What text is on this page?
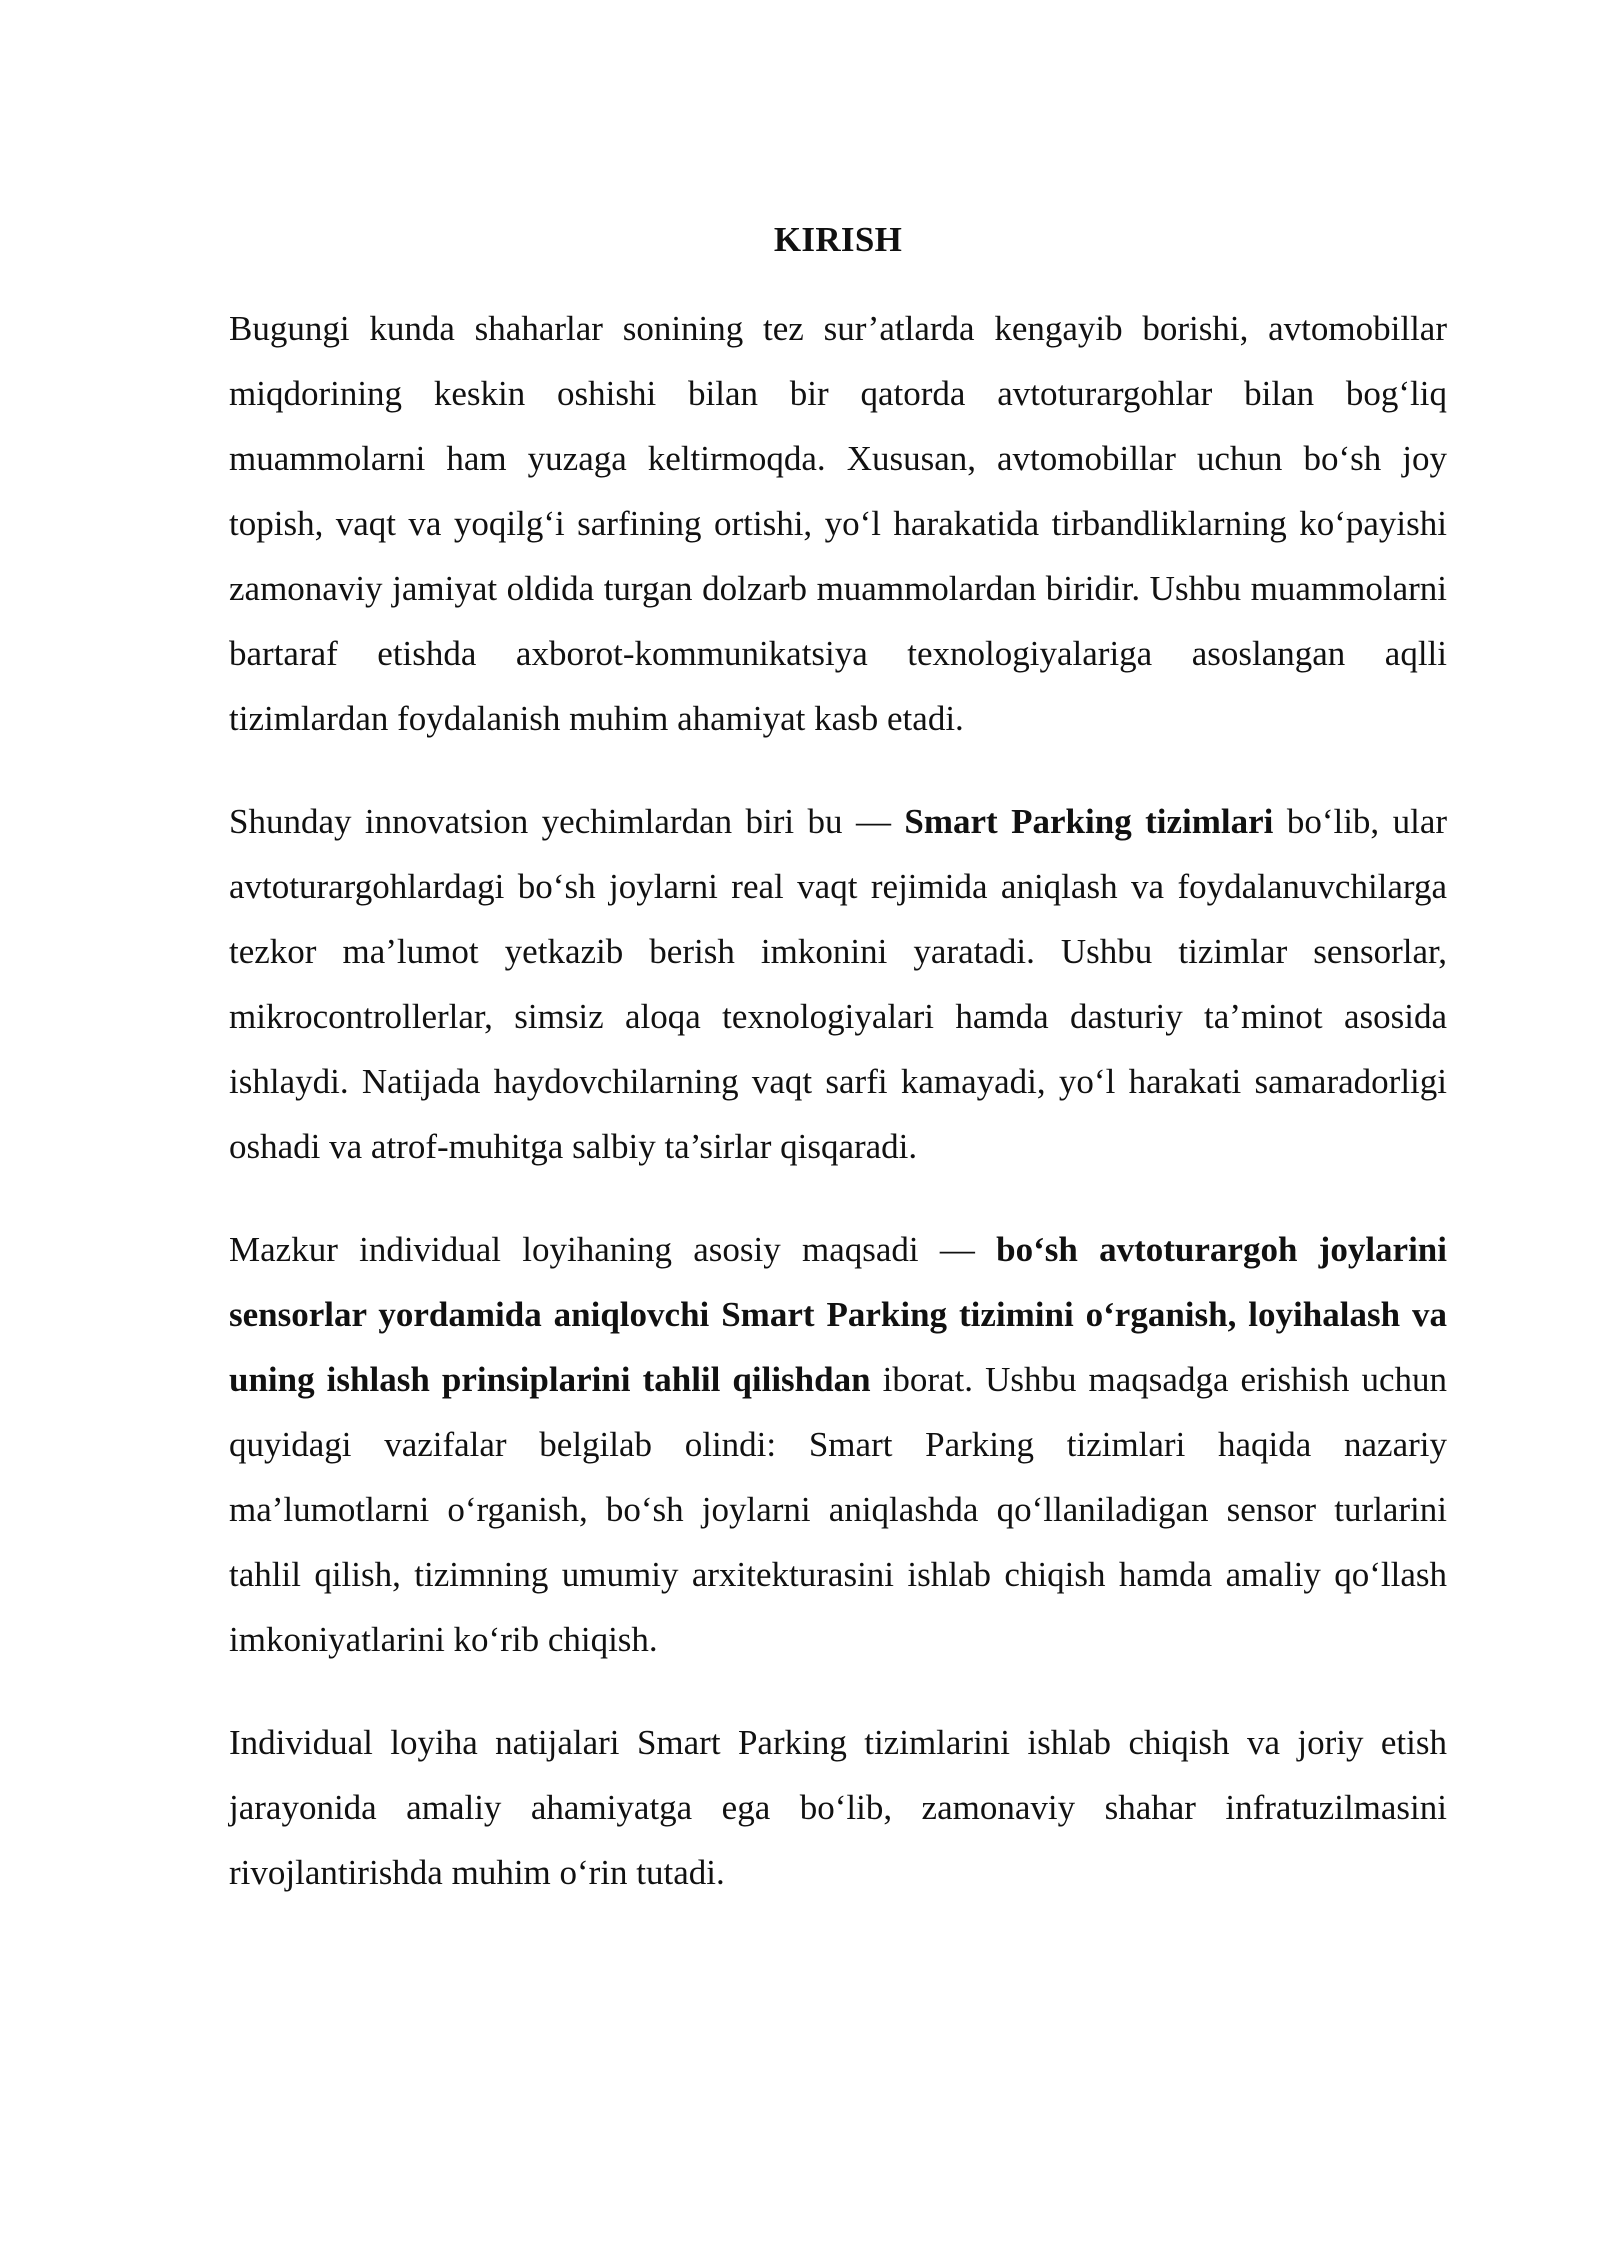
KIRISH

Bugungi kunda shaharlar sonining tez sur’atlarda kengayib borishi, avtomobillar miqdorining keskin oshishi bilan bir qatorda avtoturargohlar bilan bog‘liq muammolarni ham yuzaga keltirmoqda. Xususan, avtomobillar uchun bo‘sh joy topish, vaqt va yoqilg‘i sarfining ortishi, yo‘l harakatida tirbandliklarning ko‘payishi zamonaviy jamiyat oldida turgan dolzarb muammolardan biridir. Ushbu muammolarni bartaraf etishda axborot-kommunikatsiya texnologiyalariga asoslangan aqlli tizimlardan foydalanish muhim ahamiyat kasb etadi.

Shunday innovatsion yechimlardan biri bu — Smart Parking tizimlari bo‘lib, ular avtoturargohlardagi bo‘sh joylarni real vaqt rejimida aniqlash va foydalanuvchilarga tezkor ma’lumot yetkazib berish imkonini yaratadi. Ushbu tizimlar sensorlar, mikrocontrollerlar, simsiz aloqa texnologiyalari hamda dasturiy ta’minot asosida ishlaydi. Natijada haydovchilarning vaqt sarfi kamayadi, yo‘l harakati samaradorligi oshadi va atrof-muhitga salbiy ta’sirlar qisqaradi.

Mazkur individual loyihaning asosiy maqsadi — bo‘sh avtoturargoh joylarini sensorlar yordamida aniqlovchi Smart Parking tizimini o‘rganish, loyihalash va uning ishlash prinsiplarini tahlil qilishdan iborat. Ushbu maqsadga erishish uchun quyidagi vazifalar belgilab olindi: Smart Parking tizimlari haqida nazariy ma’lumotlarni o‘rganish, bo‘sh joylarni aniqlashda qo‘llaniladigan sensor turlarini tahlil qilish, tizimning umumiy arxitekturasini ishlab chiqish hamda amaliy qo‘llash imkoniyatlarini ko‘rib chiqish.

Individual loyiha natijalari Smart Parking tizimlarini ishlab chiqish va joriy etish jarayonida amaliy ahamiyatga ega bo‘lib, zamonaviy shahar infratuzilmasini rivojlantirishda muhim o‘rin tutadi.
